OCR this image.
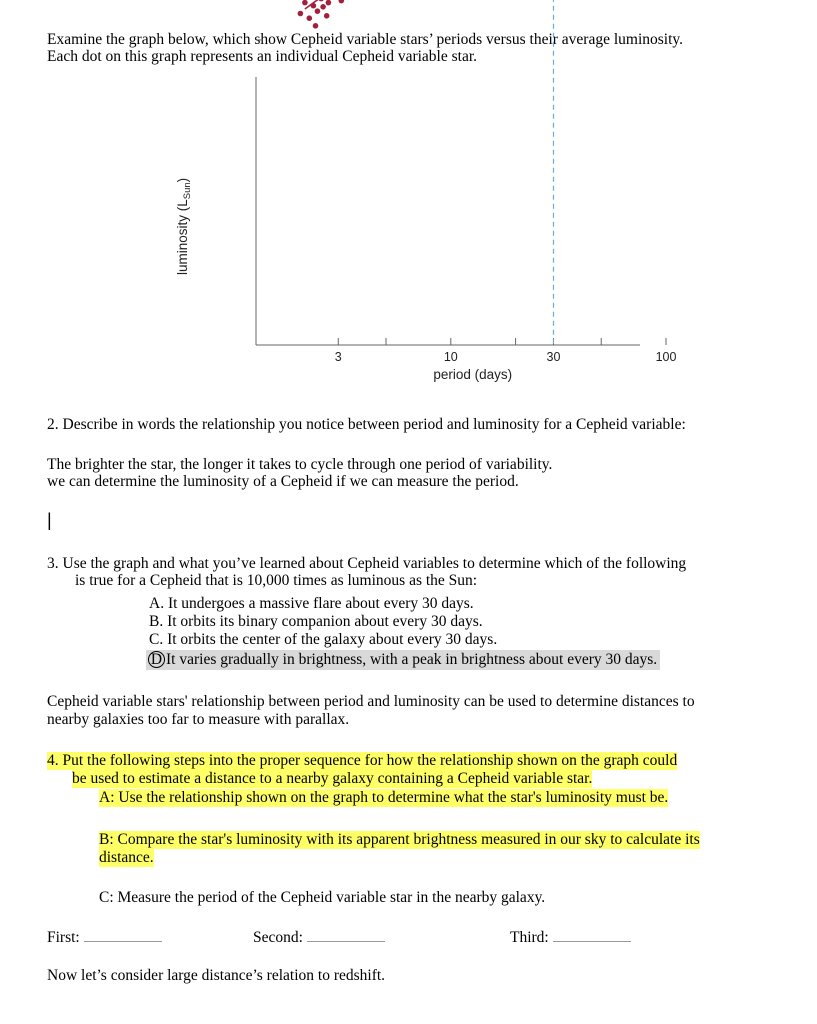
Examine the graph below, which show Cepheid variable stars’ periods versus their average luminosity.
Each dot on this graph represents an individual Cepheid variable star.
3	10	30	100
period (days)
luminosity $(L_{Sun})$
2. Describe in words the relationship you notice between period and luminosity for a Cepheid variable:
The brighter the star, the longer it takes to cycle through one period of variability.
we can determine the luminosity of a Cepheid if we can measure the period.
|
3. Use the graph and what you’ve learned about Cepheid variables to determine which of the following
is true for a Cepheid that is 10,000 times as luminous as the Sun:
A. It undergoes a massive flare about every 30 days.
B. It orbits its binary companion about every 30 days.
C. It orbits the center of the galaxy about every 30 days.
D It varies gradually in brightness, with a peak in brightness about every 30 days.
Cepheid variable stars' relationship between period and luminosity can be used to determine distances to
nearby galaxies too far to measure with parallax.
4. Put the following steps into the proper sequence for how the relationship shown on the graph could
be used to estimate a distance to a nearby galaxy containing a Cepheid variable star.
A: Use the relationship shown on the graph to determine what the star's luminosity must be.
B: Compare the star's luminosity with its apparent brightness measured in our sky to calculate its
distance.
C: Measure the period of the Cepheid variable star in the nearby galaxy.
First:	Second:	Third:
Now let’s consider large distance’s relation to redshift.
